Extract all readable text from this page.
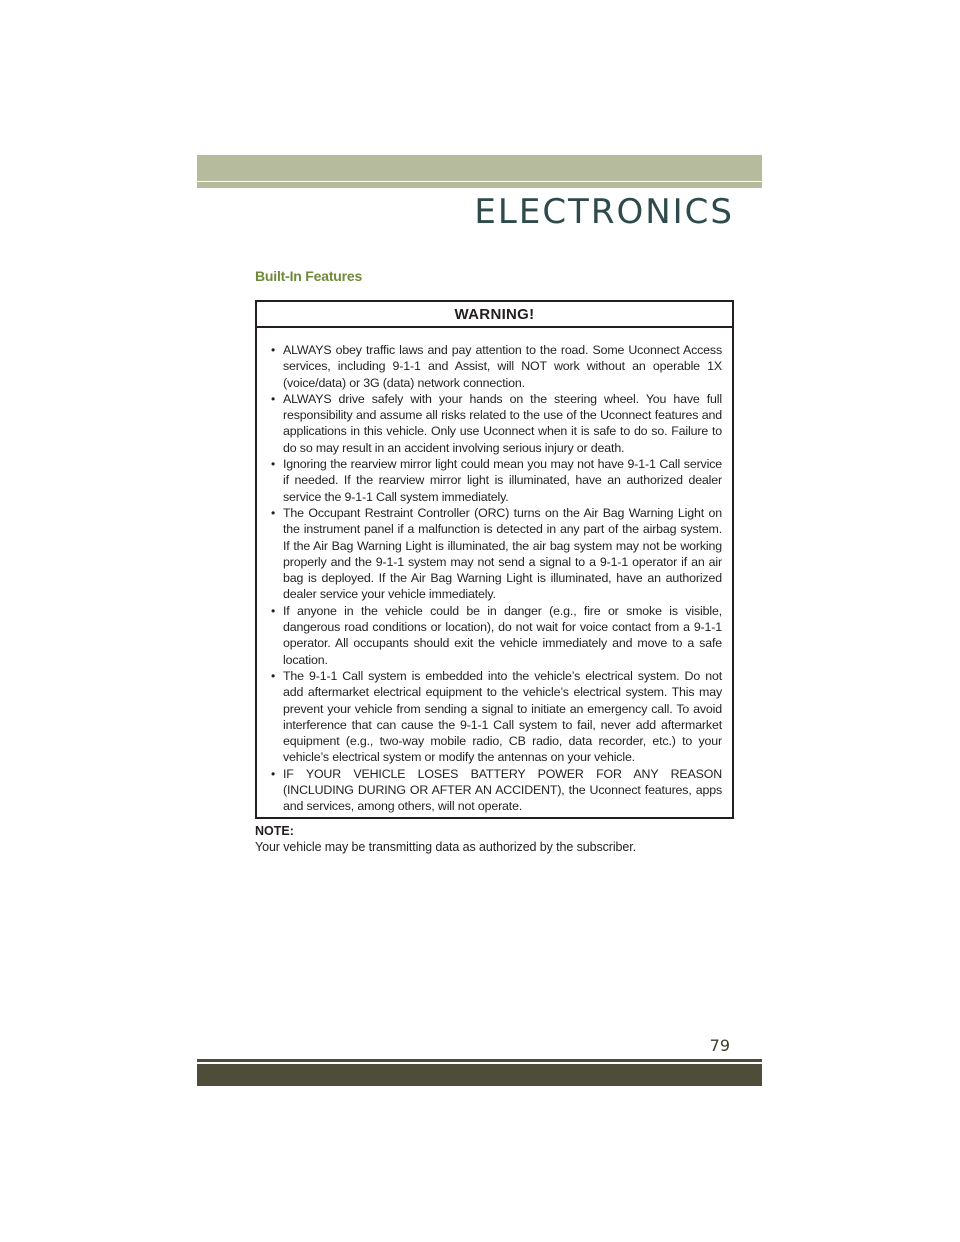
ELECTRONICS
Built-In Features
WARNING!
• ALWAYS obey traffic laws and pay attention to the road. Some Uconnect Access services, including 9-1-1 and Assist, will NOT work without an operable 1X (voice/data) or 3G (data) network connection.
• ALWAYS drive safely with your hands on the steering wheel. You have full responsibility and assume all risks related to the use of the Uconnect features and applications in this vehicle. Only use Uconnect when it is safe to do so. Failure to do so may result in an accident involving serious injury or death.
• Ignoring the rearview mirror light could mean you may not have 9-1-1 Call service if needed. If the rearview mirror light is illuminated, have an authorized dealer service the 9-1-1 Call system immediately.
• The Occupant Restraint Controller (ORC) turns on the Air Bag Warning Light on the instrument panel if a malfunction is detected in any part of the airbag system. If the Air Bag Warning Light is illuminated, the air bag system may not be working properly and the 9-1-1 system may not send a signal to a 9-1-1 operator if an air bag is deployed. If the Air Bag Warning Light is illuminated, have an authorized dealer service your vehicle immediately.
• If anyone in the vehicle could be in danger (e.g., fire or smoke is visible, dangerous road conditions or location), do not wait for voice contact from a 9-1-1 operator. All occupants should exit the vehicle immediately and move to a safe location.
• The 9-1-1 Call system is embedded into the vehicle’s electrical system. Do not add aftermarket electrical equipment to the vehicle’s electrical system. This may prevent your vehicle from sending a signal to initiate an emergency call. To avoid interference that can cause the 9-1-1 Call system to fail, never add aftermarket equipment (e.g., two-way mobile radio, CB radio, data recorder, etc.) to your vehicle’s electrical system or modify the antennas on your vehicle.
• IF YOUR VEHICLE LOSES BATTERY POWER FOR ANY REASON (INCLUDING DURING OR AFTER AN ACCIDENT), the Uconnect features, apps and services, among others, will not operate.
NOTE:
Your vehicle may be transmitting data as authorized by the subscriber.
79
